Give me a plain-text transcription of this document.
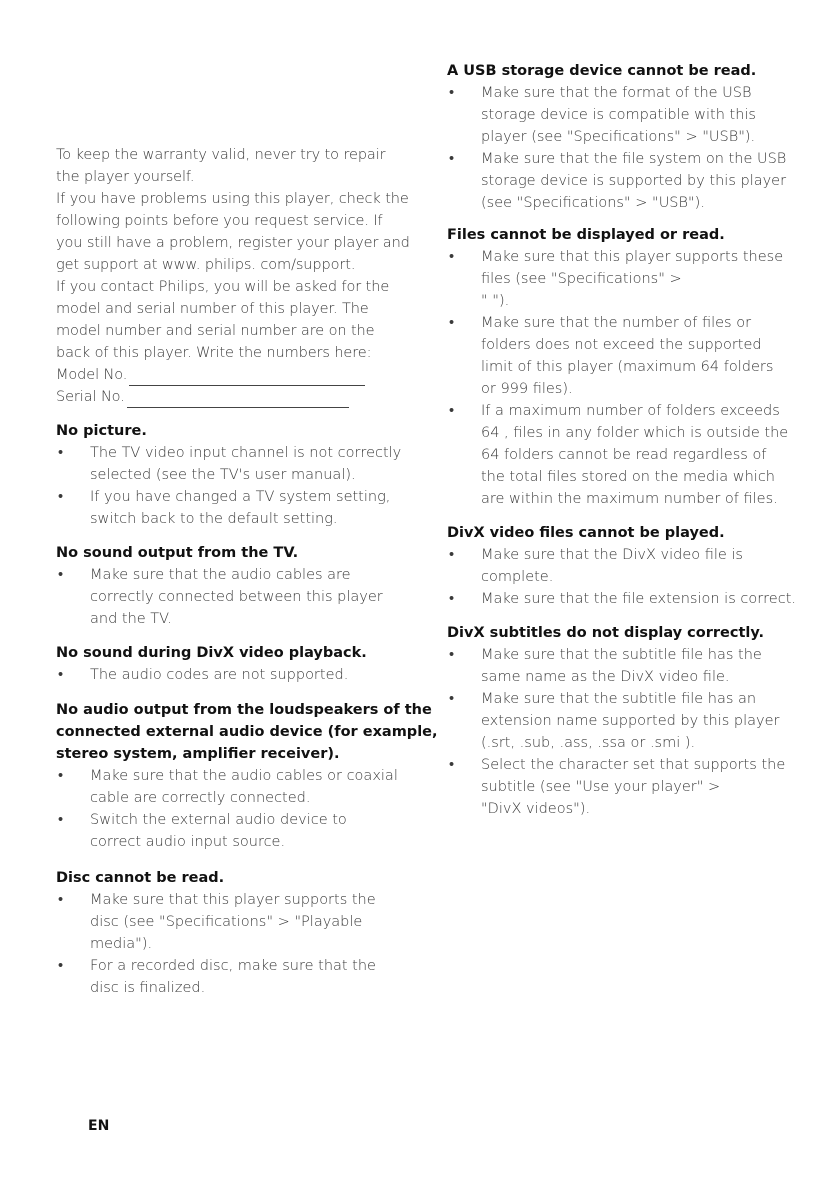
To keep the warranty valid, never try to repair
the player yourself.
If you have problems using this player, check the
following points before you request service. If
you still have a problem, register your player and
get support at www. philips. com/support.
If you contact Philips, you will be asked for the
model and serial number of this player. The
model number and serial number are on the
back of this player. Write the numbers here:
Model No.
Serial No.
No picture.
•	The TV video input channel is not correctly
selected (see the TV's user manual).
•	If you have changed a TV system setting,
switch back to the default setting.
No sound output from the TV.
•	Make sure that the audio cables are
correctly connected between this player
and the TV.
No sound during DivX video playback.
•	The audio codes are not supported.
No audio output from the loudspeakers of the
connected external audio device (for example,
stereo system, amplifier receiver).
•	Make sure that the audio cables or coaxial
cable are correctly connected.
•	Switch the external audio device to
correct audio input source.
Disc cannot be read.
•	Make sure that this player supports the
disc (see "Specifications" > "Playable
media").
•	For a recorded disc, make sure that the
disc is finalized.
A USB storage device cannot be read.
•	Make sure that the format of the USB
storage device is compatible with this
player (see "Specifications" > "USB").
•	Make sure that the file system on the USB
storage device is supported by this player
(see "Specifications" > "USB").
Files cannot be displayed or read.
•	Make sure that this player supports these
files (see "Specifications" >
" ").
•	Make sure that the number of files or
folders does not exceed the supported
limit of this player (maximum 64 folders
or 999 files).
•	If a maximum number of folders exceeds
64 , files in any folder which is outside the
64 folders cannot be read regardless of
the total files stored on the media which
are within the maximum number of files.
DivX video files cannot be played.
•	Make sure that the DivX video file is
complete.
•	Make sure that the file extension is correct.
DivX subtitles do not display correctly.
•	Make sure that the subtitle file has the
same name as the DivX video file.
•	Make sure that the subtitle file has an
extension name supported by this player
(.srt, .sub, .ass, .ssa or .smi ).
•	Select the character set that supports the
subtitle (see "Use your player" >
"DivX videos").
EN
